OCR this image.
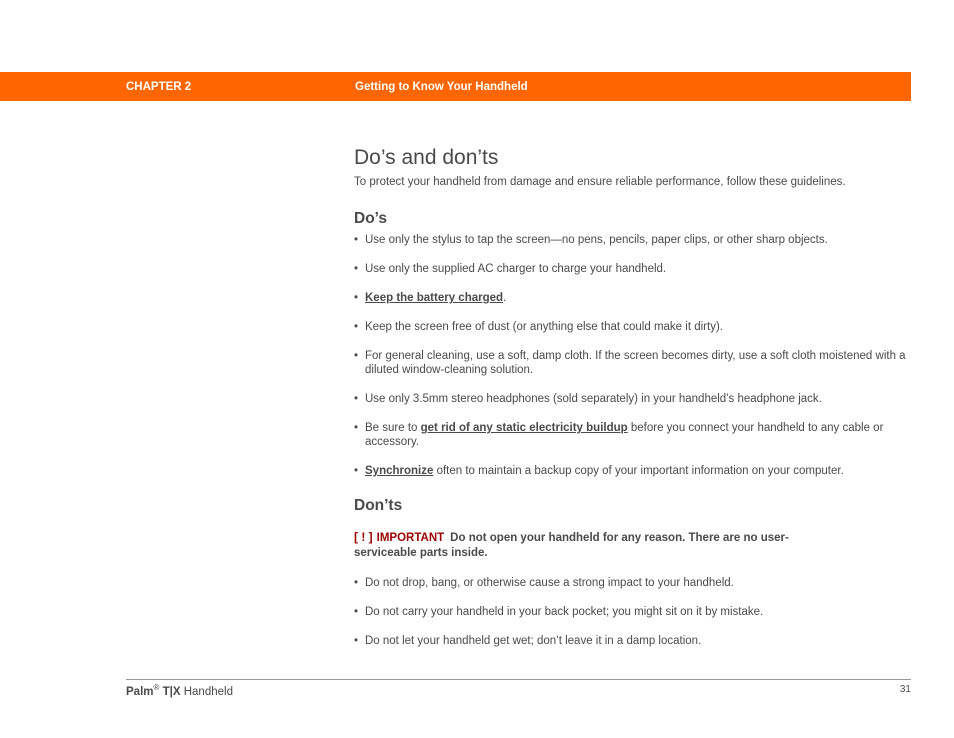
CHAPTER 2	Getting to Know Your Handheld
Do’s and don’ts

To protect your handheld from damage and ensure reliable performance, follow these guidelines.

Do’s
• Use only the stylus to tap the screen—no pens, pencils, paper clips, or other sharp objects.
• Use only the supplied AC charger to charge your handheld.
• Keep the battery charged.
• Keep the screen free of dust (or anything else that could make it dirty).
• For general cleaning, use a soft, damp cloth. If the screen becomes dirty, use a soft cloth moistened with a diluted window-cleaning solution.
• Use only 3.5mm stereo headphones (sold separately) in your handheld’s headphone jack.
• Be sure to get rid of any static electricity buildup before you connect your handheld to any cable or accessory.
• Synchronize often to maintain a backup copy of your important information on your computer.
Don’ts
[ ! ] IMPORTANT Do not open your handheld for any reason. There are no user-serviceable parts inside.
• Do not drop, bang, or otherwise cause a strong impact to your handheld.
• Do not carry your handheld in your back pocket; you might sit on it by mistake.
• Do not let your handheld get wet; don’t leave it in a damp location.
Palm® T|X Handheld	31
